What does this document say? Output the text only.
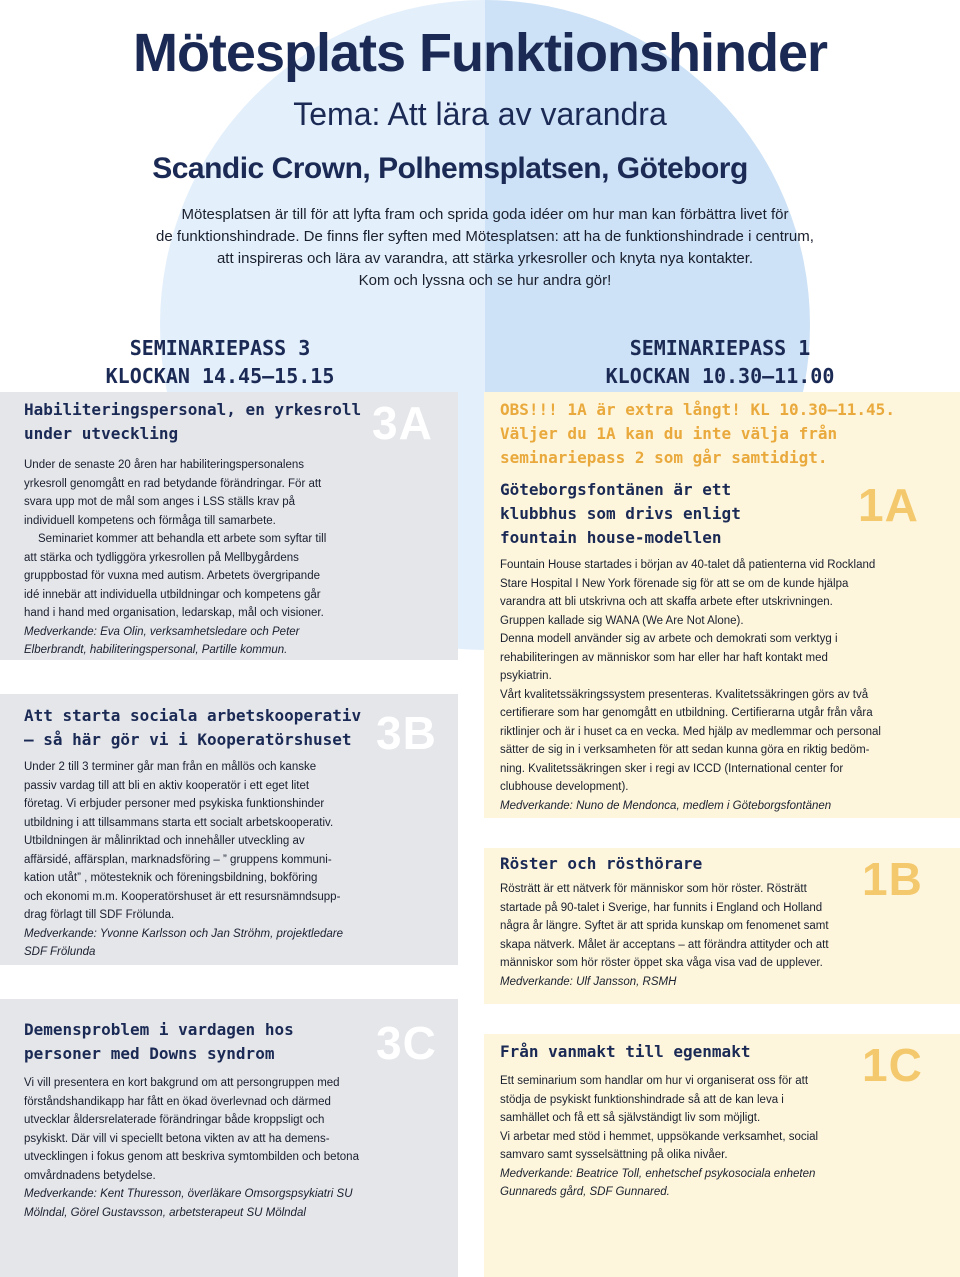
Mötesplats Funktionshinder
Tema: Att lära av varandra
Scandic Crown, Polhemsplatsen, Göteborg
Mötesplatsen är till för att lyfta fram och sprida goda idéer om hur man kan förbättra livet för
de funktionshindrade. De finns fler syften med Mötesplatsen: att ha de funktionshindrade i centrum,
att inspireras och lära av varandra, att stärka yrkesroller och knyta nya kontakter.
Kom och lyssna och se hur andra gör!
SEMINARIEPASS 3
KLOCKAN 14.45–15.15
SEMINARIEPASS 1
KLOCKAN 10.30–11.00
3A
Habiliteringspersonal, en yrkesroll
under utveckling
Under de senaste 20 åren har habiliteringspersonalens
yrkesroll genomgått en rad betydande förändringar. För att
svara upp mot de mål som anges i LSS ställs krav på
individuell kompetens och förmåga till samarbete.
Seminariet kommer att behandla ett arbete som syftar till
att stärka och tydliggöra yrkesrollen på Mellbygårdens
gruppbostad för vuxna med autism. Arbetets övergripande
idé innebär att individuella utbildningar och kompetens går
hand i hand med organisation, ledarskap, mål och visioner.
Medverkande: Eva Olin, verksamhetsledare och Peter
Elberbrandt, habiliteringspersonal, Partille kommun.
3B
Att starta sociala arbetskooperativ
– så här gör vi i Kooperatörshuset
Under 2 till 3 terminer går man från en mållös och kanske
passiv vardag till att bli en aktiv kooperatör i ett eget litet
företag. Vi erbjuder personer med psykiska funktionshinder
utbildning i att tillsammans starta ett socialt arbetskooperativ.
Utbildningen är målinriktad och innehåller utveckling av
affärsidé, affärsplan, marknadsföring – ” gruppens kommuni-
kation utåt” , mötesteknik och föreningsbildning, bokföring
och ekonomi m.m. Kooperatörshuset är ett resursnämndsupp-
drag förlagt till SDF Frölunda.
Medverkande: Yvonne Karlsson och Jan Ströhm, projektledare
SDF Frölunda
3C
Demensproblem i vardagen hos
personer med Downs syndrom
Vi vill presentera en kort bakgrund om att persongruppen med
förståndshandikapp har fått en ökad överlevnad och därmed
utvecklar åldersrelaterade förändringar både kroppsligt och
psykiskt. Där vill vi speciellt betona vikten av att ha demens-
utvecklingen i fokus genom att beskriva symtombilden och betona
omvårdnadens betydelse.
Medverkande: Kent Thuresson, överläkare Omsorgspsykiatri SU
Mölndal, Görel Gustavsson, arbetsterapeut SU Mölndal
OBS!!! 1A är extra långt! KL 10.30–11.45.
Väljer du 1A kan du inte välja från
seminariepass 2 som går samtidigt.
1A
Göteborgsfontänen är ett
klubbhus som drivs enligt
fountain house-modellen
Fountain House startades i början av 40-talet då patienterna vid Rockland
Stare Hospital I New York förenade sig för att se om de kunde hjälpa
varandra att bli utskrivna och att skaffa arbete efter utskrivningen.
Gruppen kallade sig WANA (We Are Not Alone).
Denna modell använder sig av arbete och demokrati som verktyg i
rehabiliteringen av människor som har eller har haft kontakt med
psykiatrin.
Vårt kvalitetssäkringssystem presenteras. Kvalitetssäkringen görs av två
certifierare som har genomgått en utbildning. Certifierarna utgår från våra
riktlinjer och är i huset ca en vecka. Med hjälp av medlemmar och personal
sätter de sig in i verksamheten för att sedan kunna göra en riktig bedöm-
ning. Kvalitetssäkringen sker i regi av ICCD (International center for
clubhouse development).
Medverkande: Nuno de Mendonca, medlem i Göteborgsfontänen
1B
Röster och rösthörare
Rösträtt är ett nätverk för människor som hör röster. Rösträtt
startade på 90-talet i Sverige, har funnits i England och Holland
några år längre. Syftet är att sprida kunskap om fenomenet samt
skapa nätverk. Målet är acceptans – att förändra attityder och att
människor som hör röster öppet ska våga visa vad de upplever.
Medverkande: Ulf Jansson, RSMH
1C
Från vanmakt till egenmakt
Ett seminarium som handlar om hur vi organiserat oss för att
stödja de psykiskt funktionshindrade så att de kan leva i
samhället och få ett så självständigt liv som möjligt.
Vi arbetar med stöd i hemmet, uppsökande verksamhet, social
samvaro samt sysselsättning på olika nivåer.
Medverkande: Beatrice Toll, enhetschef psykosociala enheten
Gunnareds gård, SDF Gunnared.
